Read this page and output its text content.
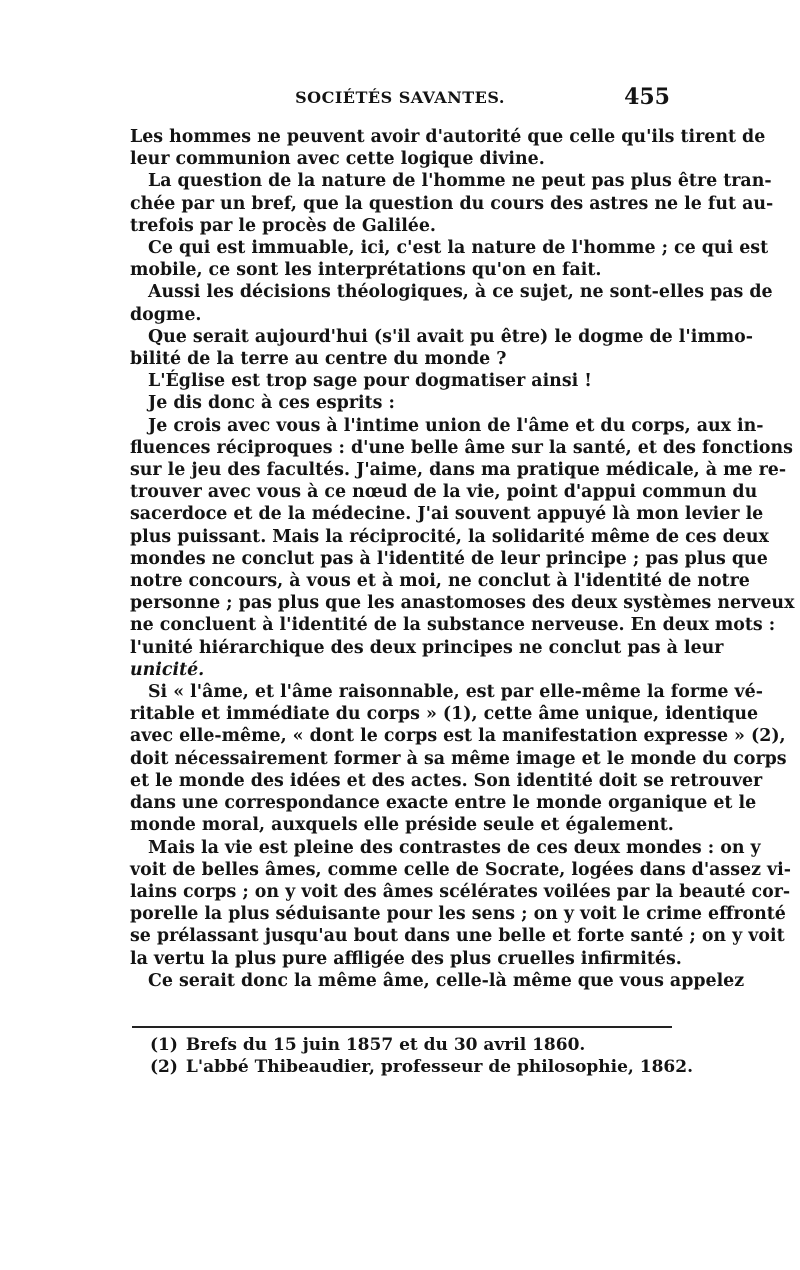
SOCIÉTÉS SAVANTES.	455
Les hommes ne peuvent avoir d'autorité que celle qu'ils tirent de
leur communion avec cette logique divine.
La question de la nature de l'homme ne peut pas plus être tran-
chée par un bref, que la question du cours des astres ne le fut au-
trefois par le procès de Galilée.
Ce qui est immuable, ici, c'est la nature de l'homme ; ce qui est
mobile, ce sont les interprétations qu'on en fait.
Aussi les décisions théologiques, à ce sujet, ne sont-elles pas de
dogme.
Que serait aujourd'hui (s'il avait pu être) le dogme de l'immo-
bilité de la terre au centre du monde ?
L'Église est trop sage pour dogmatiser ainsi !
Je dis donc à ces esprits :
Je crois avec vous à l'intime union de l'âme et du corps, aux in-
fluences réciproques : d'une belle âme sur la santé, et des fonctions
sur le jeu des facultés. J'aime, dans ma pratique médicale, à me re-
trouver avec vous à ce nœud de la vie, point d'appui commun du
sacerdoce et de la médecine. J'ai souvent appuyé là mon levier le
plus puissant. Mais la réciprocité, la solidarité même de ces deux
mondes ne conclut pas à l'identité de leur principe ; pas plus que
notre concours, à vous et à moi, ne conclut à l'identité de notre
personne ; pas plus que les anastomoses des deux systèmes nerveux
ne concluent à l'identité de la substance nerveuse. En deux mots :
l'unité hiérarchique des deux principes ne conclut pas à leur
unicité.
Si « l'âme, et l'âme raisonnable, est par elle-même la forme vé-
ritable et immédiate du corps » (1), cette âme unique, identique
avec elle-même, « dont le corps est la manifestation expresse » (2),
doit nécessairement former à sa même image et le monde du corps
et le monde des idées et des actes. Son identité doit se retrouver
dans une correspondance exacte entre le monde organique et le
monde moral, auxquels elle préside seule et également.
Mais la vie est pleine des contrastes de ces deux mondes : on y
voit de belles âmes, comme celle de Socrate, logées dans d'assez vi-
lains corps ; on y voit des âmes scélérates voilées par la beauté cor-
porelle la plus séduisante pour les sens ; on y voit le crime effronté
se prélassant jusqu'au bout dans une belle et forte santé ; on y voit
la vertu la plus pure affligée des plus cruelles infirmités.
Ce serait donc la même âme, celle-là même que vous appelez
(1) Brefs du 15 juin 1857 et du 30 avril 1860.
(2) L'abbé Thibeaudier, professeur de philosophie, 1862.
